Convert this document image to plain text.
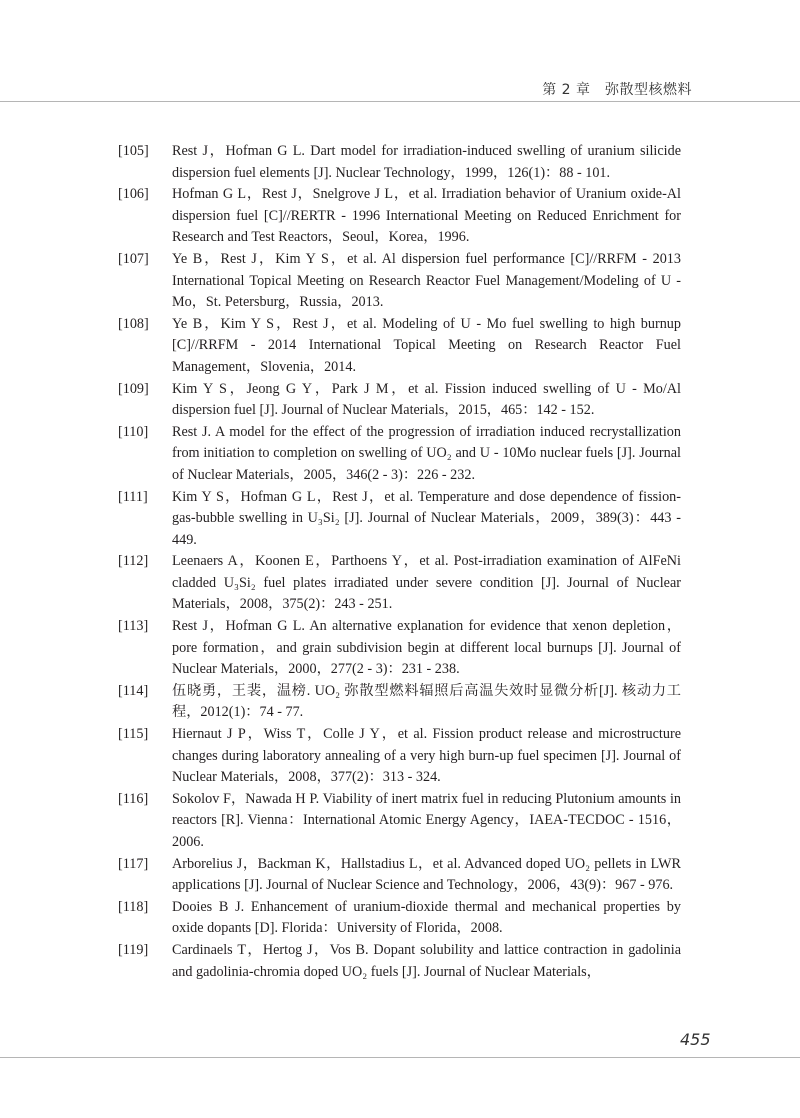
第 2 章　弥散型核燃料

[105] Rest J，Hofman G L. Dart model for irradiation-induced swelling of uranium silicide dispersion fuel elements [J]. Nuclear Technology，1999，126(1)：88 - 101.

[106] Hofman G L，Rest J，Snelgrove J L，et al. Irradiation behavior of Uranium oxide-Al dispersion fuel [C]//RERTR - 1996 International Meeting on Reduced Enrichment for Research and Test Reactors，Seoul，Korea，1996.

[107] Ye B，Rest J，Kim Y S，et al. Al dispersion fuel performance [C]//RRFM - 2013 International Topical Meeting on Research Reactor Fuel Management/Modeling of U - Mo，St. Petersburg，Russia，2013.

[108] Ye B，Kim Y S，Rest J，et al. Modeling of U - Mo fuel swelling to high burnup [C]//RRFM - 2014 International Topical Meeting on Research Reactor Fuel Management，Slovenia，2014.

[109] Kim Y S，Jeong G Y，Park J M，et al. Fission induced swelling of U - Mo/Al dispersion fuel [J]. Journal of Nuclear Materials，2015，465：142 - 152.

[110] Rest J. A model for the effect of the progression of irradiation induced recrystallization from initiation to completion on swelling of UO₂ and U - 10Mo nuclear fuels [J]. Journal of Nuclear Materials，2005，346(2 - 3)：226 - 232.

[111] Kim Y S，Hofman G L，Rest J，et al. Temperature and dose dependence of fission-gas-bubble swelling in U₃Si₂ [J]. Journal of Nuclear Materials，2009，389(3)：443 - 449.

[112] Leenaers A，Koonen E，Parthoens Y，et al. Post-irradiation examination of AlFeNi cladded U₃Si₂ fuel plates irradiated under severe condition [J]. Journal of Nuclear Materials，2008，375(2)：243 - 251.

[113] Rest J，Hofman G L. An alternative explanation for evidence that xenon depletion，pore formation，and grain subdivision begin at different local burnups [J]. Journal of Nuclear Materials，2000，277(2 - 3)：231 - 238.

[114] 伍晓勇，王裴，温榜. UO₂ 弥散型燃料辐照后高温失效时显微分析[J]. 核动力工程，2012(1)：74 - 77.

[115] Hiernaut J P，Wiss T，Colle J Y，et al. Fission product release and microstructure changes during laboratory annealing of a very high burn-up fuel specimen [J]. Journal of Nuclear Materials，2008，377(2)：313 - 324.

[116] Sokolov F，Nawada H P. Viability of inert matrix fuel in reducing Plutonium amounts in reactors [R]. Vienna：International Atomic Energy Agency，IAEA-TECDOC - 1516，2006.

[117] Arborelius J，Backman K，Hallstadius L，et al. Advanced doped UO₂ pellets in LWR applications [J]. Journal of Nuclear Science and Technology，2006，43(9)：967 - 976.

[118] Dooies B J. Enhancement of uranium-dioxide thermal and mechanical properties by oxide dopants [D]. Florida：University of Florida，2008.

[119] Cardinaels T，Hertog J，Vos B. Dopant solubility and lattice contraction in gadolinia and gadolinia-chromia doped UO₂ fuels [J]. Journal of Nuclear Materials，

455
